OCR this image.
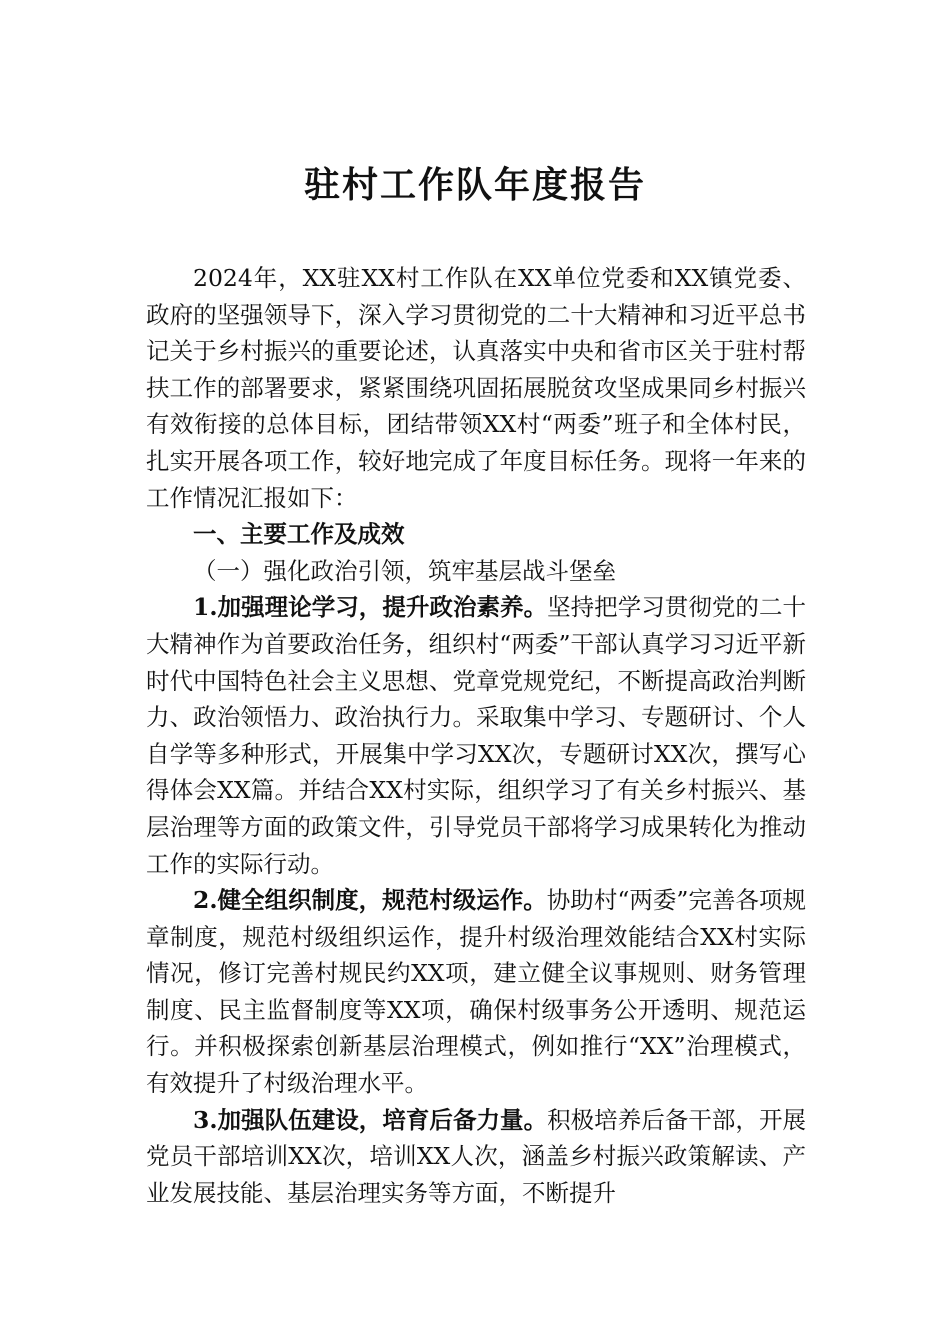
驻村工作队年度报告

2024年，XX驻XX村工作队在XX单位党委和XX镇党委、政府的坚强领导下，深入学习贯彻党的二十大精神和习近平总书记关于乡村振兴的重要论述，认真落实中央和省市区关于驻村帮扶工作的部署要求，紧紧围绕巩固拓展脱贫攻坚成果同乡村振兴有效衔接的总体目标，团结带领XX村“两委”班子和全体村民，扎实开展各项工作，较好地完成了年度目标任务。现将一年来的工作情况汇报如下：

一、主要工作及成效

（一）强化政治引领，筑牢基层战斗堡垒

1.加强理论学习，提升政治素养。坚持把学习贯彻党的二十大精神作为首要政治任务，组织村“两委”干部认真学习习近平新时代中国特色社会主义思想、党章党规党纪，不断提高政治判断力、政治领悟力、政治执行力。采取集中学习、专题研讨、个人自学等多种形式，开展集中学习XX次，专题研讨XX次，撰写心得体会XX篇。并结合XX村实际，组织学习了有关乡村振兴、基层治理等方面的政策文件，引导党员干部将学习成果转化为推动工作的实际行动。

2.健全组织制度，规范村级运作。协助村“两委”完善各项规章制度，规范村级组织运作，提升村级治理效能结合XX村实际情况，修订完善村规民约XX项，建立健全议事规则、财务管理制度、民主监督制度等XX项，确保村级事务公开透明、规范运行。并积极探索创新基层治理模式，例如推行“XX”治理模式，有效提升了村级治理水平。

3.加强队伍建设，培育后备力量。积极培养后备干部，开展党员干部培训XX次，培训XX人次，涵盖乡村振兴政策解读、产业发展技能、基层治理实务等方面，不断提升
